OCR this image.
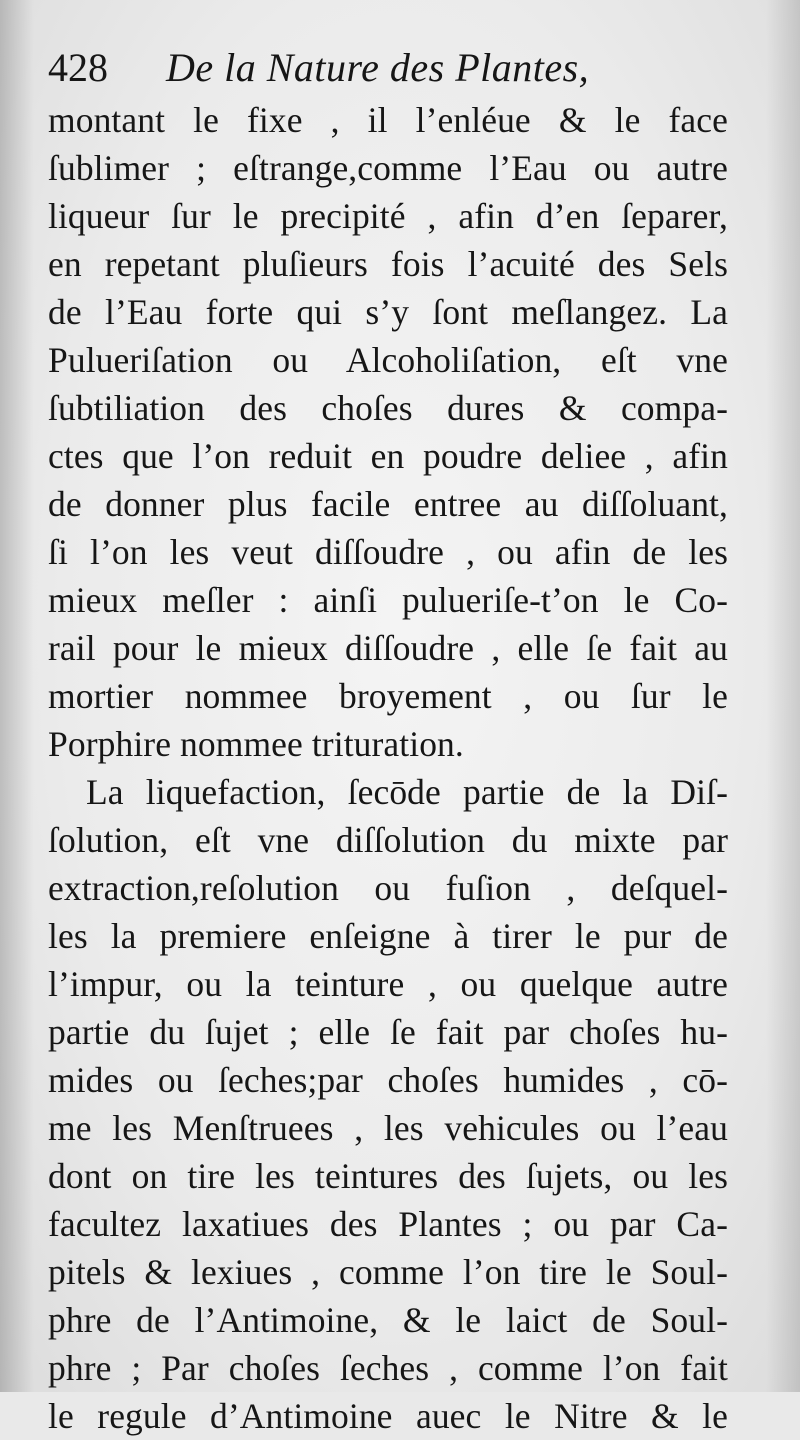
428 De la Nature des Plantes,
montant le fixe , il l’enléue & le face
ſublimer ; eſtrange,comme l’Eau ou autre
liqueur ſur le precipité , afin d’en ſeparer,
en repetant pluſieurs fois l’acuité des Sels
de l’Eau forte qui s’y ſont meſlangez. La
Pulueriſation ou Alcoholiſation, eſt vne
ſubtiliation des choſes dures & compa-
ctes que l’on reduit en poudre deliee , afin
de donner plus facile entree au diſſoluant,
ſi l’on les veut diſſoudre , ou afin de les
mieux meſler : ainſi pulueriſe-t’on le Co-
rail pour le mieux diſſoudre , elle ſe fait au
mortier nommee broyement , ou ſur le
Porphire nommee trituration.
La liquefaction, ſecōde partie de la Diſ-
ſolution, eſt vne diſſolution du mixte par
extraction,reſolution ou fuſion , deſquel-
les la premiere enſeigne à tirer le pur de
l’impur, ou la teinture , ou quelque autre
partie du ſujet ; elle ſe fait par choſes hu-
mides ou ſeches;par choſes humides , cō-
me les Menſtruees , les vehicules ou l’eau
dont on tire les teintures des ſujets, ou les
facultez laxatiues des Plantes ; ou par Ca-
pitels & lexiues , comme l’on tire le Soul-
phre de l’Antimoine, & le laict de Soul-
phre ; Par choſes ſeches , comme l’on fait
le regule d’Antimoine auec le Nitre & le
